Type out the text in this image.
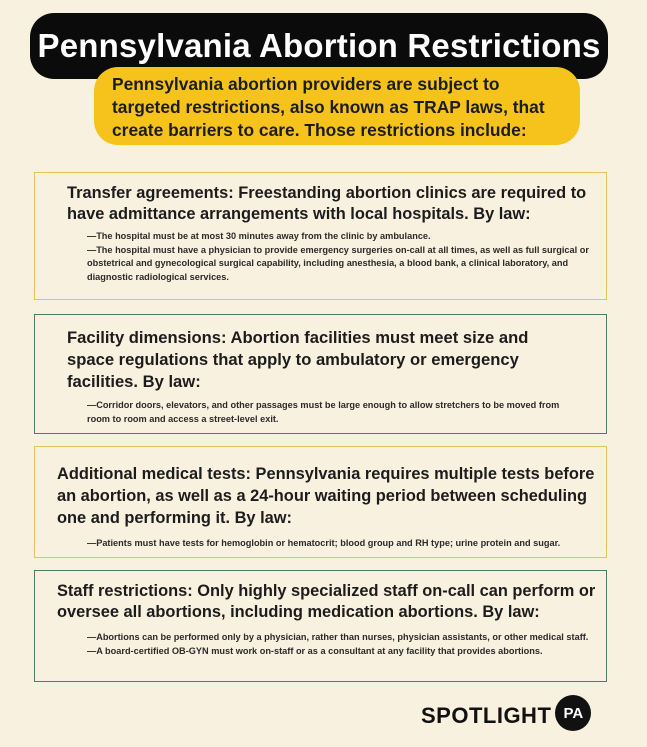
Pennsylvania Abortion Restrictions
Pennsylvania abortion providers are subject to targeted restrictions, also known as TRAP laws, that create barriers to care. Those restrictions include:
Transfer agreements: Freestanding abortion clinics are required to have admittance arrangements with local hospitals. By law:
—The hospital must be at most 30 minutes away from the clinic by ambulance.
—The hospital must have a physician to provide emergency surgeries on-call at all times, as well as full surgical or obstetrical and gynecological surgical capability, including anesthesia, a blood bank, a clinical laboratory, and diagnostic radiological services.
Facility dimensions: Abortion facilities must meet size and space regulations that apply to ambulatory or emergency facilities. By law:
—Corridor doors, elevators, and other passages must be large enough to allow stretchers to be moved from room to room and access a street-level exit.
Additional medical tests: Pennsylvania requires multiple tests before an abortion, as well as a 24-hour waiting period between scheduling one and performing it. By law:
—Patients must have tests for hemoglobin or hematocrit; blood group and RH type; urine protein and sugar.
Staff restrictions: Only highly specialized staff on-call can perform or oversee all abortions, including medication abortions. By law:
—Abortions can be performed only by a physician, rather than nurses, physician assistants, or other medical staff.
—A board-certified OB-GYN must work on-staff or as a consultant at any facility that provides abortions.
SPOTLIGHT PA
